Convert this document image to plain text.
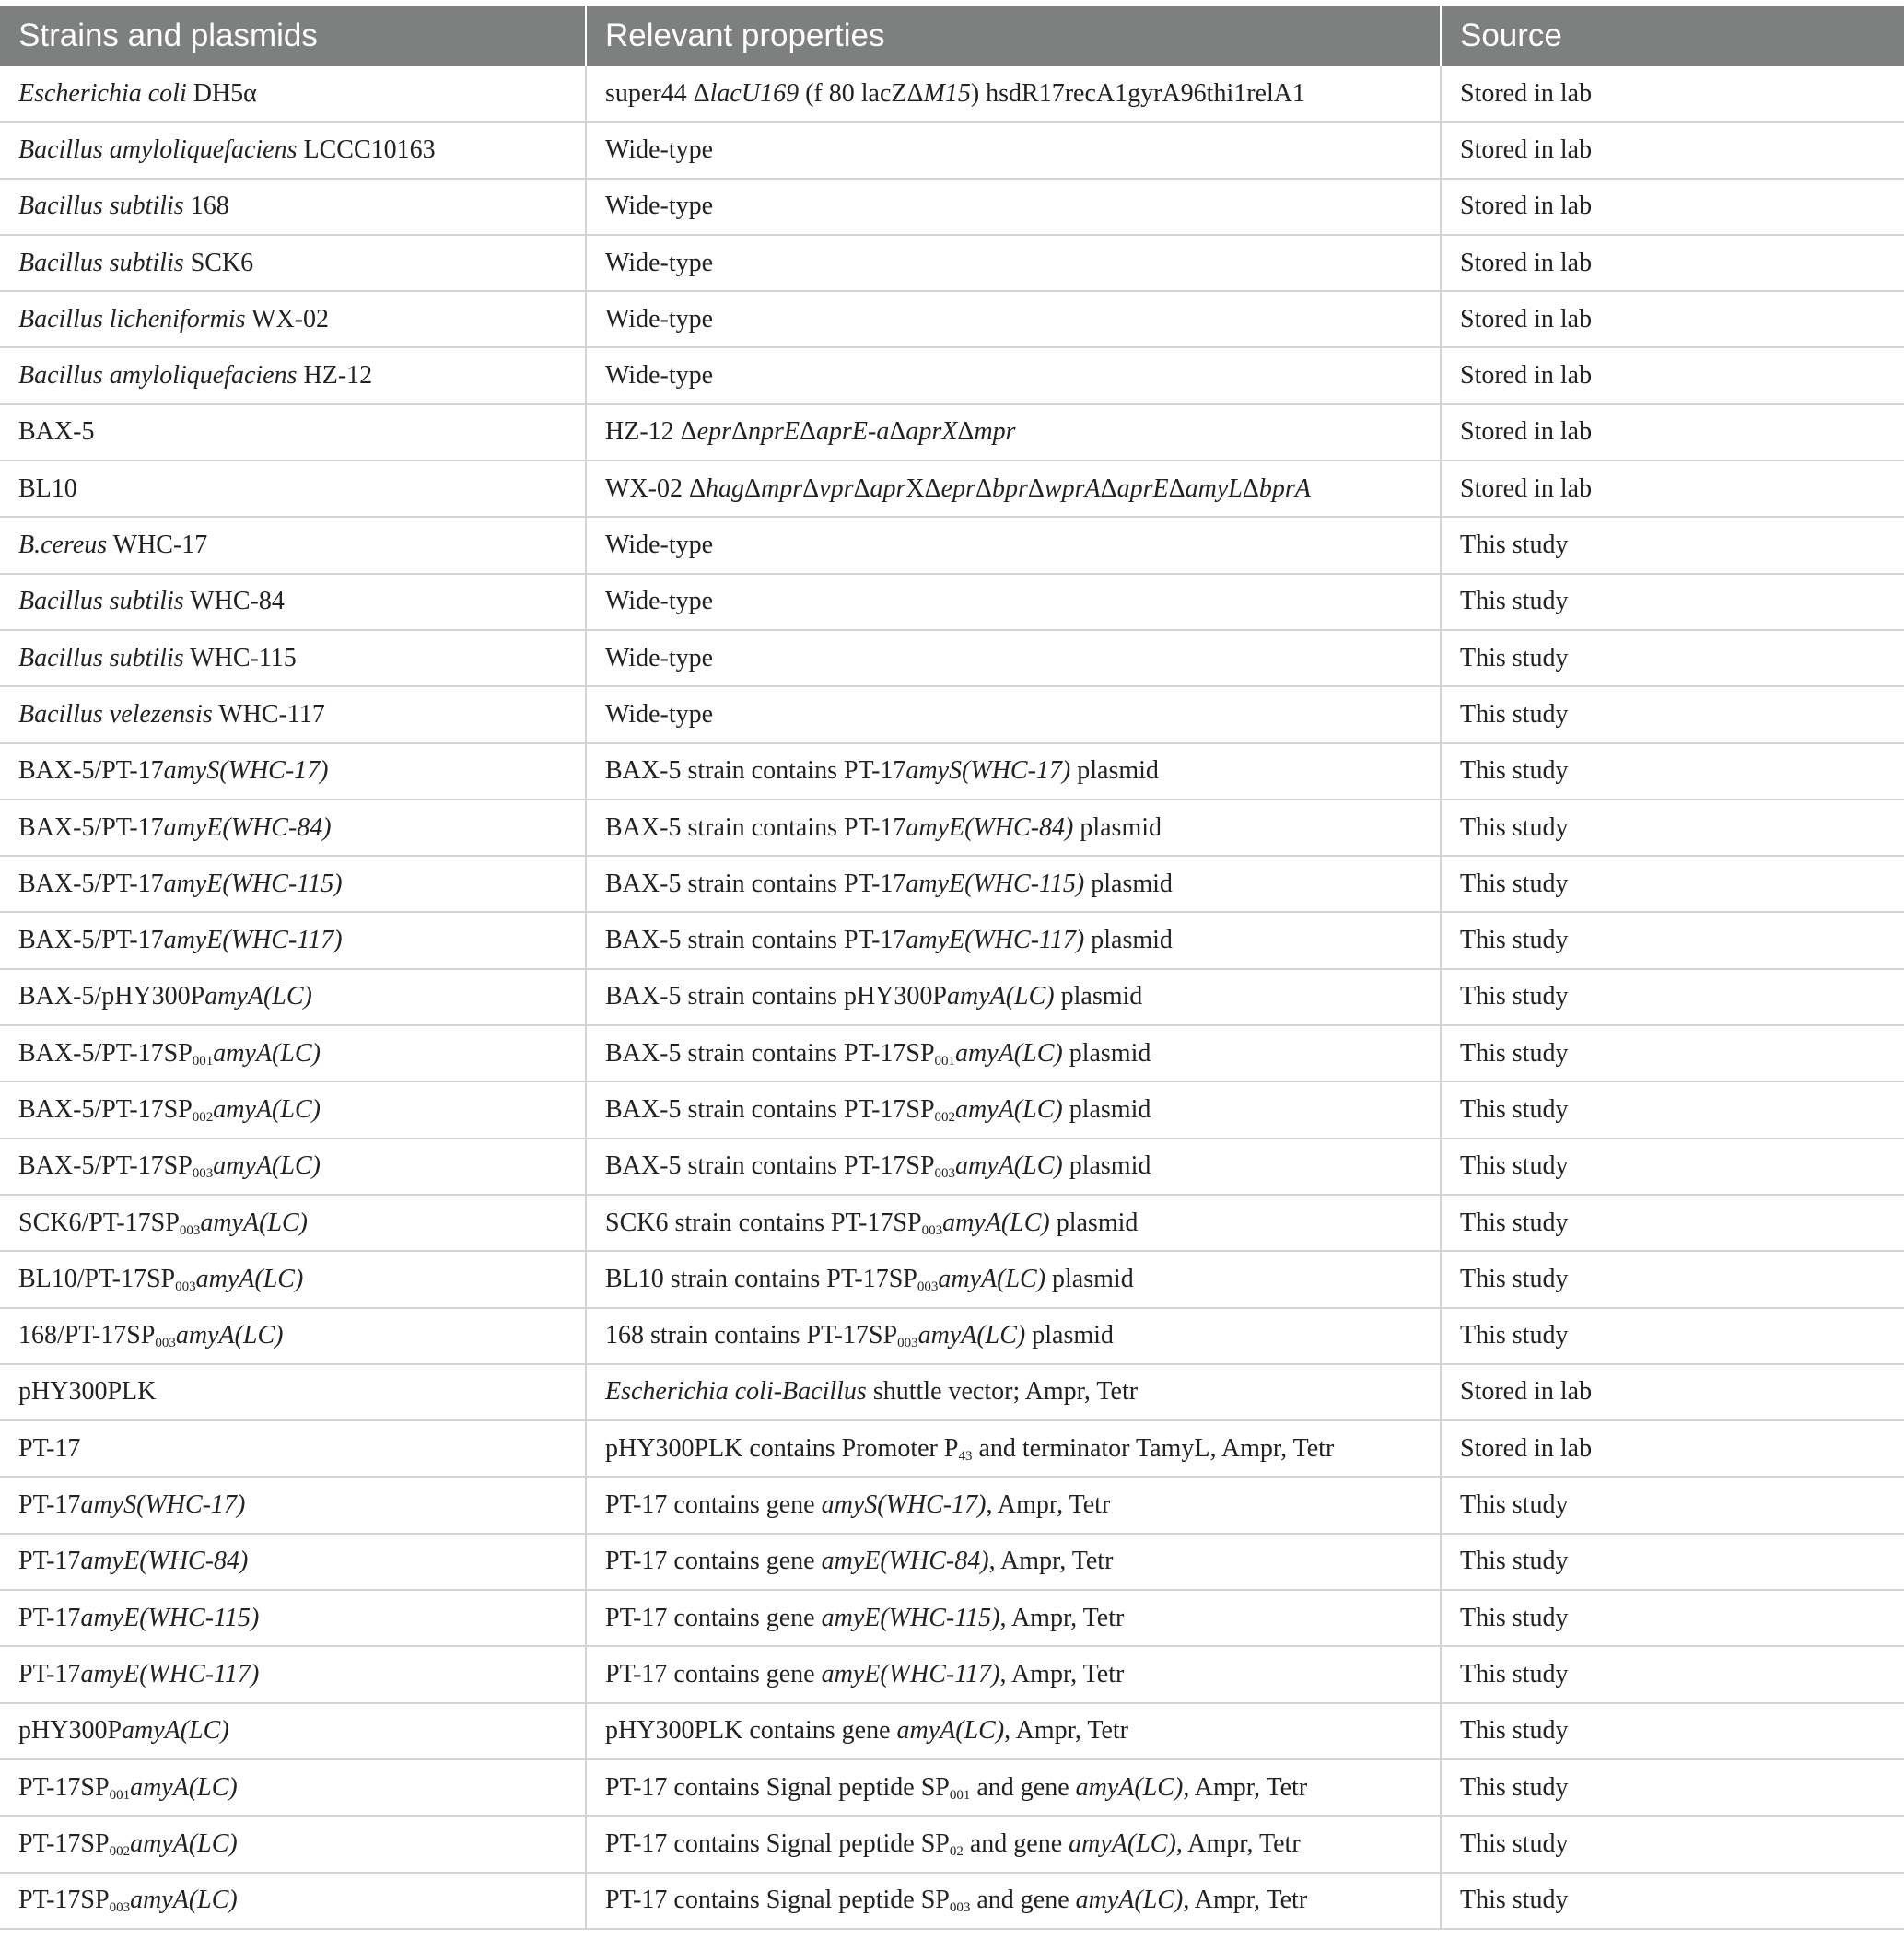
Strains and plasmids	Relevant properties	Source
Escherichia coli DH5α	super44 ΔlacU169 (f 80 lacZΔM15) hsdR17recA1gyrA96thi1relA1	Stored in lab
Bacillus amyloliquefaciens LCCC10163	Wide-type	Stored in lab
Bacillus subtilis 168	Wide-type	Stored in lab
Bacillus subtilis SCK6	Wide-type	Stored in lab
Bacillus licheniformis WX-02	Wide-type	Stored in lab
Bacillus amyloliquefaciens HZ-12	Wide-type	Stored in lab
BAX-5	HZ-12 ΔeprΔnprEΔaprE-aΔaprXΔmpr	Stored in lab
BL10	WX-02 ΔhagΔmprΔvprΔaprXΔeprΔbprΔwprAΔaprEΔamyLΔbprA	Stored in lab
B.cereus WHC-17	Wide-type	This study
Bacillus subtilis WHC-84	Wide-type	This study
Bacillus subtilis WHC-115	Wide-type	This study
Bacillus velezensis WHC-117	Wide-type	This study
BAX-5/PT-17amyS(WHC-17)	BAX-5 strain contains PT-17amyS(WHC-17) plasmid	This study
BAX-5/PT-17amyE(WHC-84)	BAX-5 strain contains PT-17amyE(WHC-84) plasmid	This study
BAX-5/PT-17amyE(WHC-115)	BAX-5 strain contains PT-17amyE(WHC-115) plasmid	This study
BAX-5/PT-17amyE(WHC-117)	BAX-5 strain contains PT-17amyE(WHC-117) plasmid	This study
BAX-5/pHY300PamyA(LC)	BAX-5 strain contains pHY300PamyA(LC) plasmid	This study
BAX-$5/PT-17SP_{001}amyA(LC)$	BAX-5 strain contains $PT-17SP_{001}amyA(LC)$ plasmid	This study
BAX-$5/PT-17SP_{002}amyA(LC)$	BAX-5 strain contains $PT-17SP_{002}amyA(LC)$ plasmid	This study
BAX-$5/PT-17SP_{003}amyA(LC)$	BAX-5 strain contains $PT-17SP_{003}amyA(LC)$ plasmid	This study
$SCK6/PT-17SP_{003}amyA(LC)$	SCK6 strain contains $PT-17SP_{003}amyA(LC)$ plasmid	This study
$BL10/PT-17SP_{003}amyA(LC)$	BL10 strain contains $PT-17SP_{003}amyA(LC)$ plasmid	This study
$168/PT-17SP_{003}amyA(LC)$	168 strain contains $PT-17SP_{003}amyA(LC)$ plasmid	This study
pHY300PLK	Escherichia coli-Bacillus shuttle vector; Ampr, Tetr	Stored in lab
PT-17	pHY300PLK contains Promoter $P_{43}$ and terminator TamyL, Ampr, Tetr	Stored in lab
PT-17amyS(WHC-17)	PT-17 contains gene amyS(WHC-17), Ampr, Tetr	This study
PT-17amyE(WHC-84)	PT-17 contains gene amyE(WHC-84), Ampr, Tetr	This study
PT-17amyE(WHC-115)	PT-17 contains gene amyE(WHC-115), Ampr, Tetr	This study
PT-17amyE(WHC-117)	PT-17 contains gene amyE(WHC-117), Ampr, Tetr	This study
pHY300PamyA(LC)	pHY300PLK contains gene amyA(LC), Ampr, Tetr	This study
$PT-17SP_{001}amyA(LC)$	PT-17 contains Signal peptide $SP_{001}$ and gene amyA(LC), Ampr, Tetr	This study
$PT-17SP_{002}amyA(LC)$	PT-17 contains Signal peptide $SP_{02}$ and gene amyA(LC), Ampr, Tetr	This study
$PT-17SP_{003}amyA(LC)$	PT-17 contains Signal peptide $SP_{003}$ and gene amyA(LC), Ampr, Tetr	This study
